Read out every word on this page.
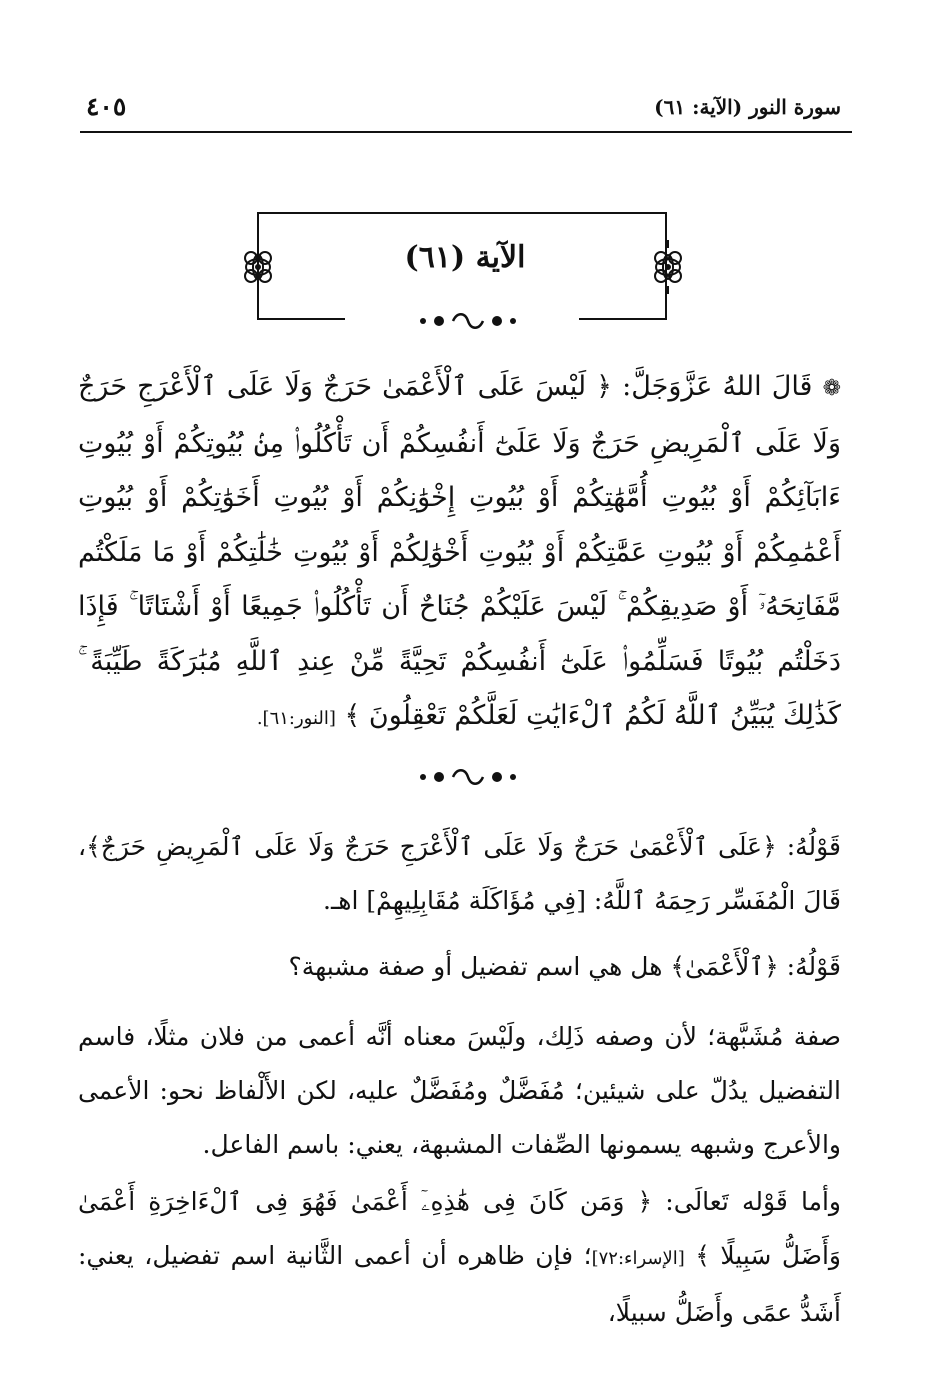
٤٠٥	سورة النور (الآية: ٦١)
الآية (٦١)
❁ قَالَ اللهُ عَزَّوَجَلَّ: ﴿ لَيْسَ عَلَى ٱلْأَعْمَىٰ حَرَجٌ وَلَا عَلَى ٱلْأَعْرَجِ حَرَجٌ وَلَا عَلَى ٱلْمَرِيضِ حَرَجٌ وَلَا عَلَىٰٓ أَنفُسِكُمْ أَن تَأْكُلُوا۟ مِنۢ بُيُوتِكُمْ أَوْ بُيُوتِ ءَابَآئِكُمْ أَوْ بُيُوتِ أُمَّهَٰتِكُمْ أَوْ بُيُوتِ إِخْوَٰنِكُمْ أَوْ بُيُوتِ أَخَوَٰتِكُمْ أَوْ بُيُوتِ أَعْمَٰمِكُمْ أَوْ بُيُوتِ عَمَّٰتِكُمْ أَوْ بُيُوتِ أَخْوَٰلِكُمْ أَوْ بُيُوتِ خَٰلَٰتِكُمْ أَوْ مَا مَلَكْتُم مَّفَاتِحَهُۥٓ أَوْ صَدِيقِكُمْ ۚ لَيْسَ عَلَيْكُمْ جُنَاحٌ أَن تَأْكُلُوا۟ جَمِيعًا أَوْ أَشْتَاتًا ۚ فَإِذَا دَخَلْتُم بُيُوتًا فَسَلِّمُوا۟ عَلَىٰٓ أَنفُسِكُمْ تَحِيَّةً مِّنْ عِندِ ٱللَّهِ مُبَٰرَكَةً طَيِّبَةً ۚ كَذَٰلِكَ يُبَيِّنُ ٱللَّهُ لَكُمُ ٱلْءَايَٰتِ لَعَلَّكُمْ تَعْقِلُونَ ﴾ [النور:٦١].
قَوْلُهُ: ﴿عَلَى ٱلْأَعْمَىٰ حَرَجٌ وَلَا عَلَى ٱلْأَعْرَجِ حَرَجٌ وَلَا عَلَى ٱلْمَرِيضِ حَرَجٌ﴾، قَالَ الْمُفَسِّر رَحِمَهُ ٱللَّهُ: [فِي مُؤَاكَلَة مُقَابِلِيهِمْ] اهـ.
قَوْلُهُ: ﴿ٱلْأَعْمَىٰ﴾ هل هي اسم تفضيل أو صفة مشبهة؟
صفة مُشَبَّهة؛ لأن وصفه ذَلِك، ولَيْسَ معناه أنَّه أعمى من فلان مثلًا، فاسم التفضيل يدُلّ على شيئين؛ مُفَضَّلٌ ومُفَضَّلٌ عليه، لكن الأَلْفاظ نحو: الأعمى والأعرج وشبهه يسمونها الصِّفات المشبهة، يعني: باسم الفاعل.
وأما قَوْله تَعالَى: ﴿ وَمَن كَانَ فِى هَٰذِهِۦٓ أَعْمَىٰ فَهُوَ فِى ٱلْءَاخِرَةِ أَعْمَىٰ وَأَضَلُّ سَبِيلًا ﴾ [الإسراء:٧٢]؛ فإن ظاهره أن أعمى الثَّانية اسم تفضيل، يعني: أَشَدُّ عمًى وأَضَلُّ سبيلًا،
